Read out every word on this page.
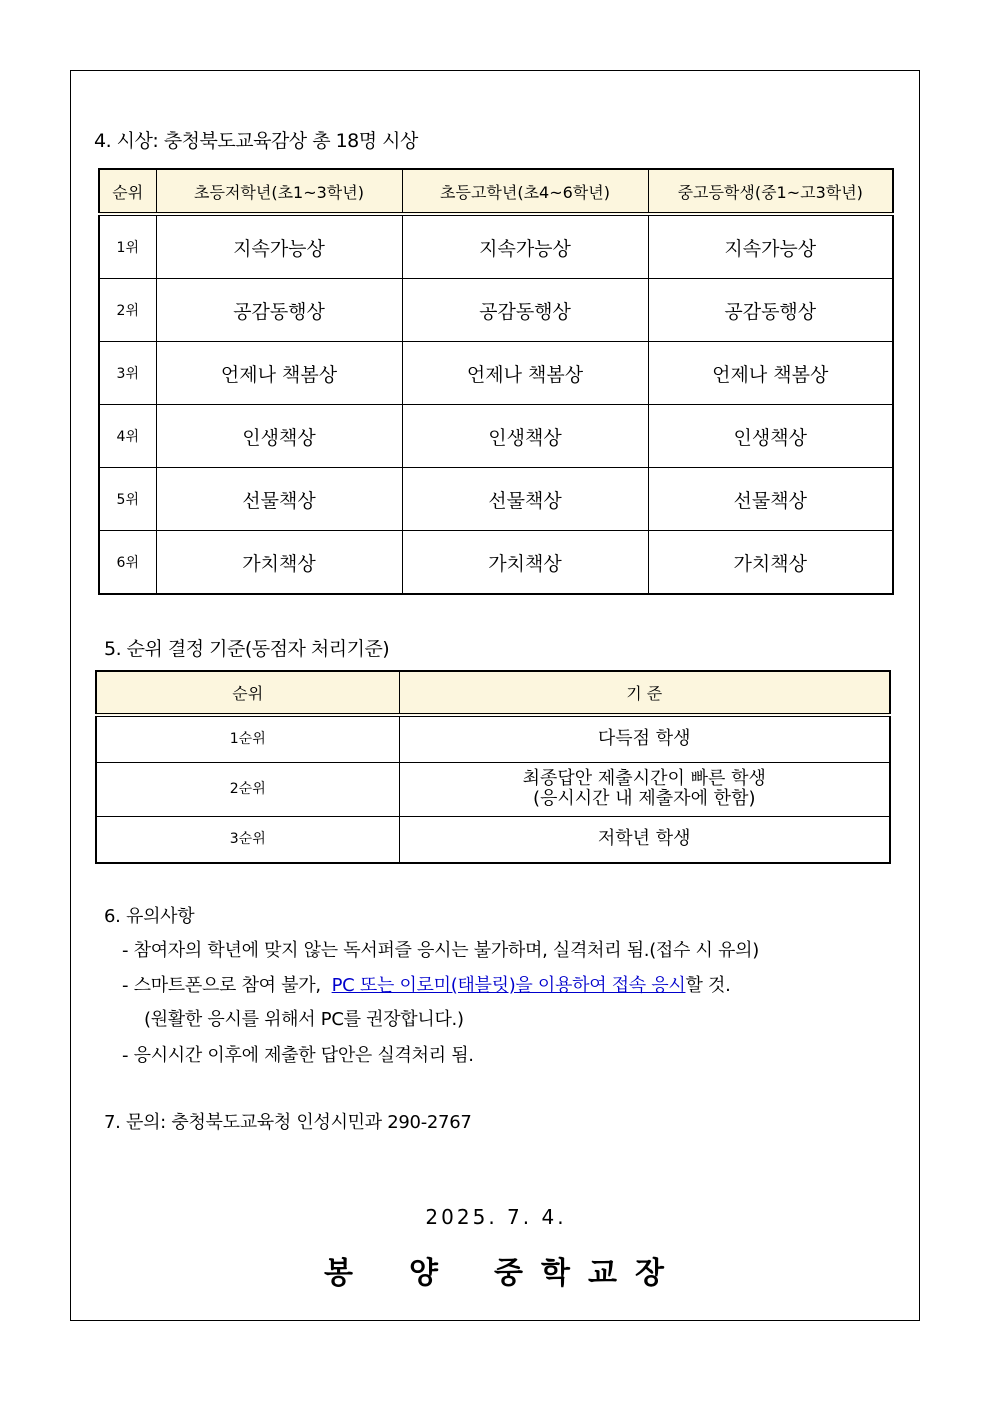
4. 시상: 충청북도교육감상 총 18명 시상
순위	초등저학년(초1~3학년)	초등고학년(초4~6학년)	중고등학생(중1~고3학년)
1위	지속가능상	지속가능상	지속가능상
2위	공감동행상	공감동행상	공감동행상
3위	언제나 책봄상	언제나 책봄상	언제나 책봄상
4위	인생책상	인생책상	인생책상
5위	선물책상	선물책상	선물책상
6위	가치책상	가치책상	가치책상
5. 순위 결정 기준(동점자 처리기준)
순위	기 준
1순위	다득점 학생

2순위	최종답안 제출시간이 빠른 학생
(응시시간 내 제출자에 한함)

3순위	저학년 학생
6. 유의사항
- 참여자의 학년에 맞지 않는 독서퍼즐 응시는 불가하며, 실격처리 됨.(접수 시 유의)
- 스마트폰으로 참여 불가, PC 또는 이로미(태블릿)을 이용하여 접속 응시할 것.
(원활한 응시를 위해서 PC를 권장합니다.)
- 응시시간 이후에 제출한 답안은 실격처리 됨.
7. 문의: 충청북도교육청 인성시민과 290-2767
2025. 7. 4.
봉 양 중 학 교 장
